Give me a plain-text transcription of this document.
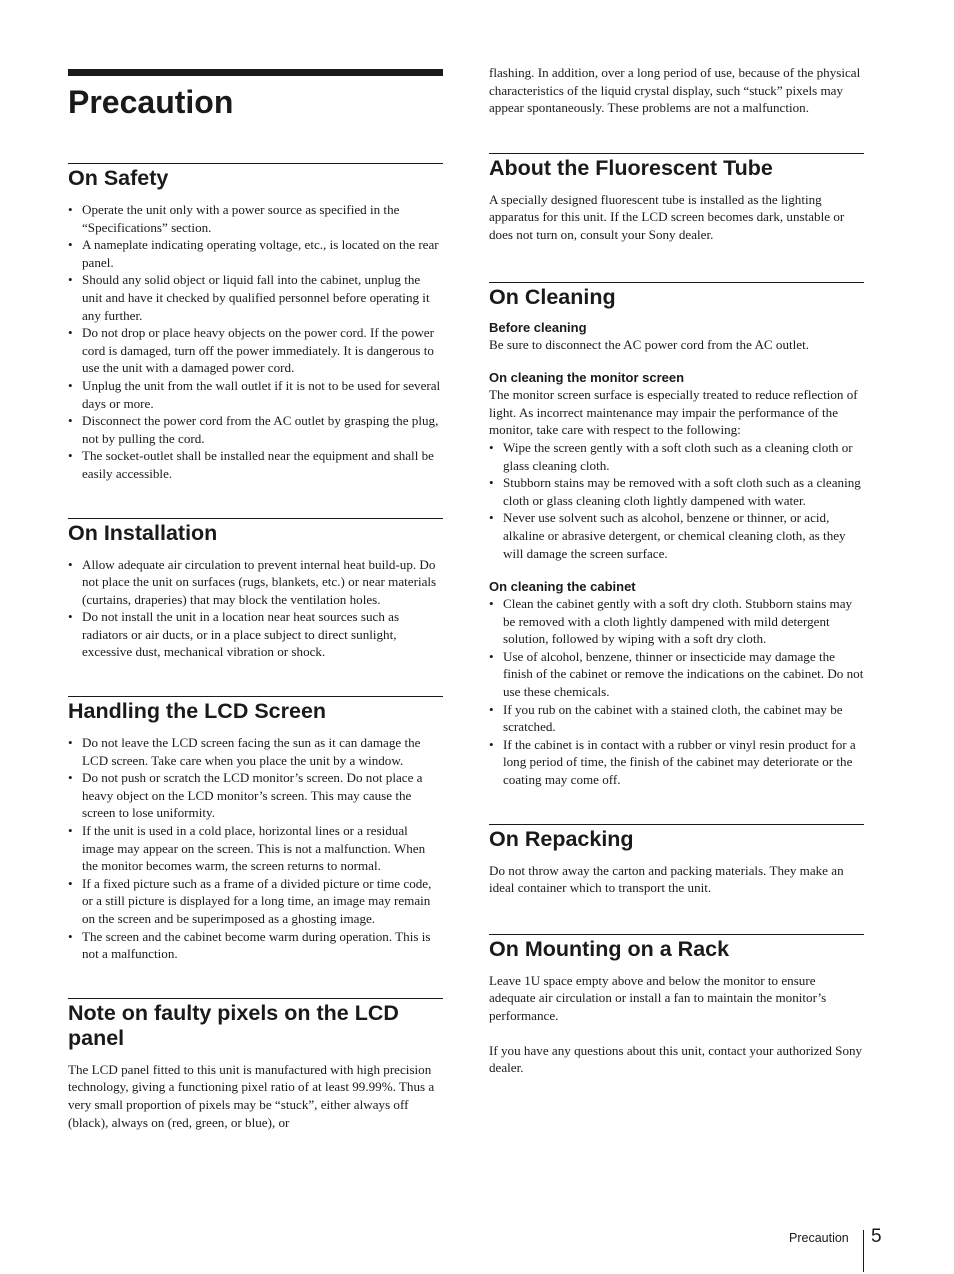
Precaution
On Safety
• Operate the unit only with a power source as specified in the “Specifications” section.
• A nameplate indicating operating voltage, etc., is located on the rear panel.
• Should any solid object or liquid fall into the cabinet, unplug the unit and have it checked by qualified personnel before operating it any further.
• Do not drop or place heavy objects on the power cord. If the power cord is damaged, turn off the power immediately. It is dangerous to use the unit with a damaged power cord.
• Unplug the unit from the wall outlet if it is not to be used for several days or more.
• Disconnect the power cord from the AC outlet by grasping the plug, not by pulling the cord.
• The socket-outlet shall be installed near the equipment and shall be easily accessible.
On Installation
• Allow adequate air circulation to prevent internal heat build-up. Do not place the unit on surfaces (rugs, blankets, etc.) or near materials (curtains, draperies) that may block the ventilation holes.
• Do not install the unit in a location near heat sources such as radiators or air ducts, or in a place subject to direct sunlight, excessive dust, mechanical vibration or shock.
Handling the LCD Screen
• Do not leave the LCD screen facing the sun as it can damage the LCD screen. Take care when you place the unit by a window.
• Do not push or scratch the LCD monitor’s screen. Do not place a heavy object on the LCD monitor’s screen. This may cause the screen to lose uniformity.
• If the unit is used in a cold place, horizontal lines or a residual image may appear on the screen. This is not a malfunction. When the monitor becomes warm, the screen returns to normal.
• If a fixed picture such as a frame of a divided picture or time code, or a still picture is displayed for a long time, an image may remain on the screen and be superimposed as a ghosting image.
• The screen and the cabinet become warm during operation. This is not a malfunction.
Note on faulty pixels on the LCD panel

The LCD panel fitted to this unit is manufactured with high precision technology, giving a functioning pixel ratio of at least 99.99%. Thus a very small proportion of pixels may be “stuck”, either always off (black), always on (red, green, or blue), or

flashing. In addition, over a long period of use, because of the physical characteristics of the liquid crystal display, such “stuck” pixels may appear spontaneously. These problems are not a malfunction.

About the Fluorescent Tube

A specially designed fluorescent tube is installed as the lighting apparatus for this unit. If the LCD screen becomes dark, unstable or does not turn on, consult your Sony dealer.

On Cleaning
Before cleaning

Be sure to disconnect the AC power cord from the AC outlet.

On cleaning the monitor screen

The monitor screen surface is especially treated to reduce reflection of light. As incorrect maintenance may impair the performance of the monitor, take care with respect to the following:

• Wipe the screen gently with a soft cloth such as a cleaning cloth or glass cleaning cloth.
• Stubborn stains may be removed with a soft cloth such as a cleaning cloth or glass cleaning cloth lightly dampened with water.
• Never use solvent such as alcohol, benzene or thinner, or acid, alkaline or abrasive detergent, or chemical cleaning cloth, as they will damage the screen surface.
On cleaning the cabinet
• Clean the cabinet gently with a soft dry cloth. Stubborn stains may be removed with a cloth lightly dampened with mild detergent solution, followed by wiping with a soft dry cloth.
• Use of alcohol, benzene, thinner or insecticide may damage the finish of the cabinet or remove the indications on the cabinet. Do not use these chemicals.
• If you rub on the cabinet with a stained cloth, the cabinet may be scratched.
• If the cabinet is in contact with a rubber or vinyl resin product for a long period of time, the finish of the cabinet may deteriorate or the coating may come off.
On Repacking

Do not throw away the carton and packing materials. They make an ideal container which to transport the unit.

On Mounting on a Rack

Leave 1U space empty above and below the monitor to ensure adequate air circulation or install a fan to maintain the monitor’s performance.

If you have any questions about this unit, contact your authorized Sony dealer.

Precaution 5
